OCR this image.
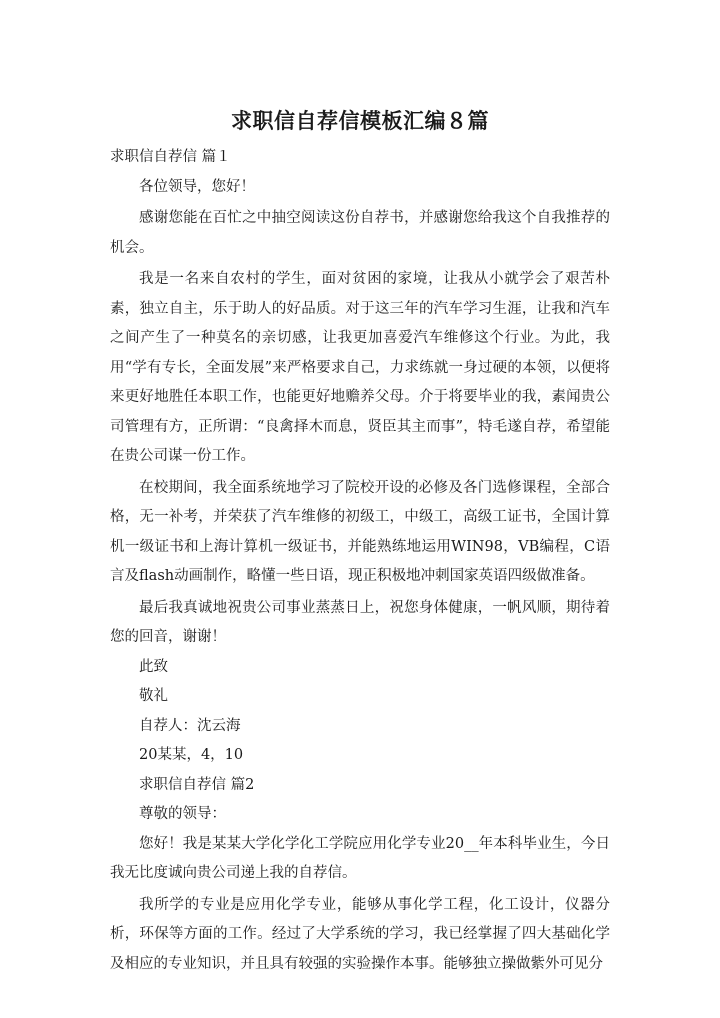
求职信自荐信模板汇编８篇

求职信自荐信 篇１

各位领导，您好！

感谢您能在百忙之中抽空阅读这份自荐书，并感谢您给我这个自我推荐的机会。

我是一名来自农村的学生，面对贫困的家境，让我从小就学会了艰苦朴素，独立自主，乐于助人的好品质。对于这三年的汽车学习生涯，让我和汽车之间产生了一种莫名的亲切感，让我更加喜爱汽车维修这个行业。为此，我用“学有专长，全面发展”来严格要求自己，力求练就一身过硬的本领，以便将来更好地胜任本职工作，也能更好地赡养父母。介于将要毕业的我，素闻贵公司管理有方，正所谓：“良禽择木而息，贤臣其主而事”，特毛遂自荐，希望能在贵公司谋一份工作。

在校期间，我全面系统地学习了院校开设的必修及各门选修课程，全部合格，无一补考，并荣获了汽车维修的初级工，中级工，高级工证书，全国计算机一级证书和上海计算机一级证书，并能熟练地运用WIN98，VB编程，C语言及flash动画制作，略懂一些日语，现正积极地冲刺国家英语四级做准备。

最后我真诚地祝贵公司事业蒸蒸日上，祝您身体健康，一帆风顺，期待着您的回音，谢谢！

此致

敬礼

自荐人：沈云海

20某某，4，10

求职信自荐信 篇2

尊敬的领导：

您好！我是某某大学化学化工学院应用化学专业20__年本科毕业生，今日我无比度诚向贵公司递上我的自荐信。

我所学的专业是应用化学专业，能够从事化学工程，化工设计，仪器分析，环保等方面的工作。经过了大学系统的学习，我已经掌握了四大基础化学及相应的专业知识，并且具有较强的实验操作本事。能够独立操做紫外可见分
